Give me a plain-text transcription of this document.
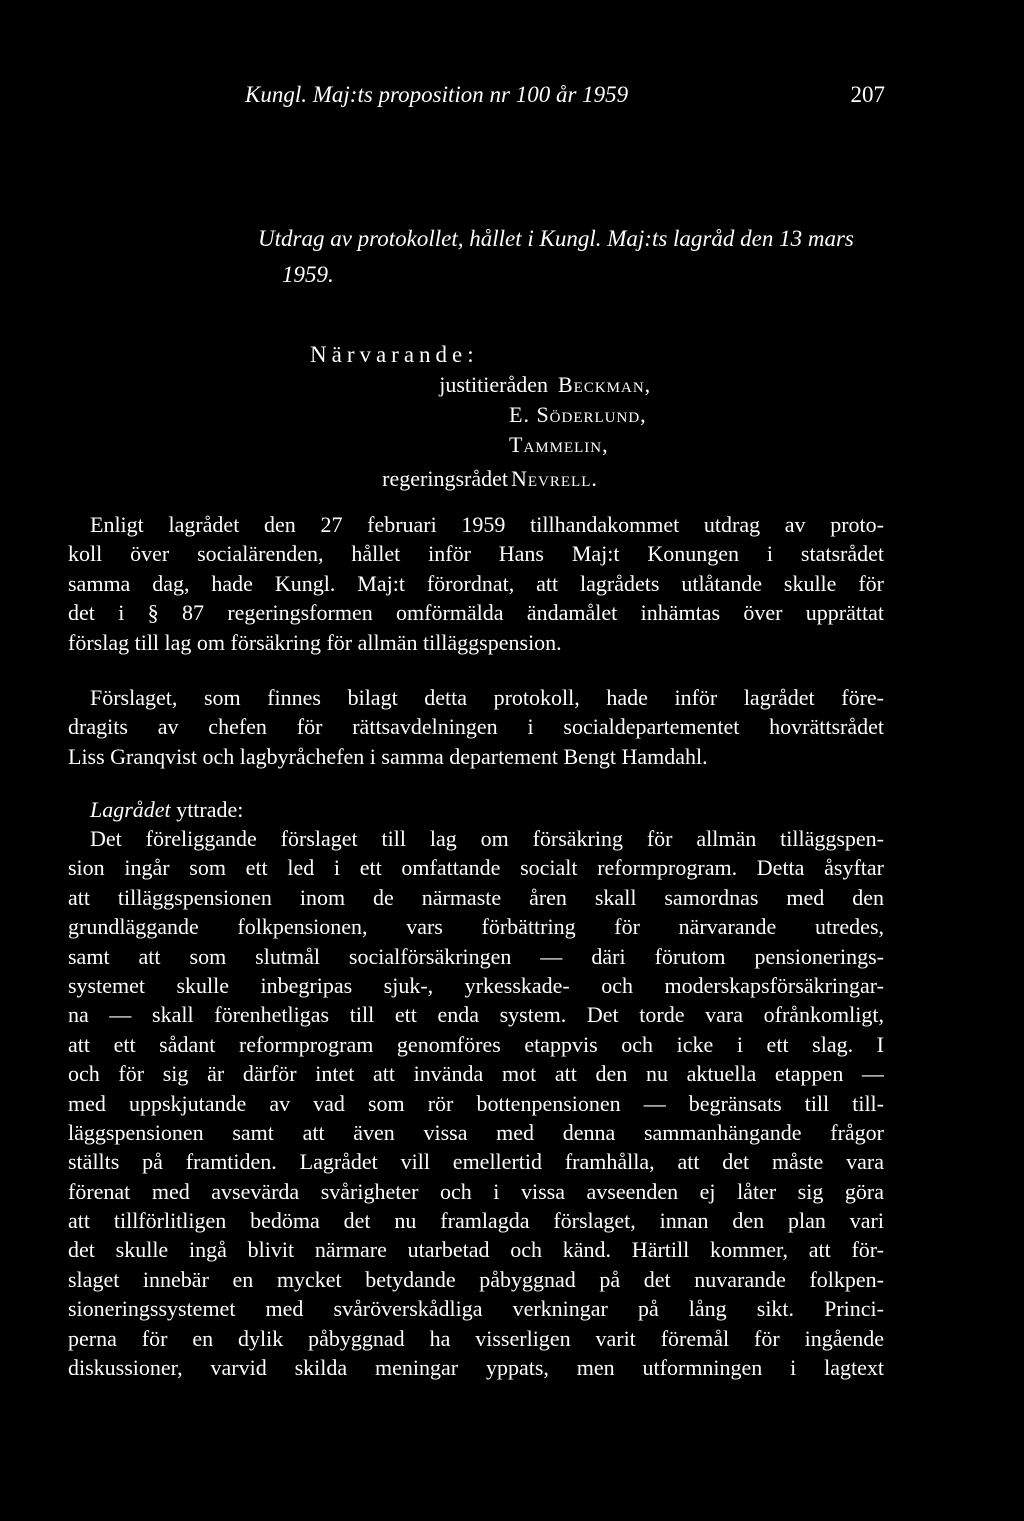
Kungl. Maj:ts proposition nr 100 år 1959	207
Utdrag av protokollet, hållet i Kungl. Maj:ts lagråd den 13 mars
1959.
Närvarande:
justitieråden Beckman,
E. Söderlund,
Tammelin,
regeringsrådet Nevrell.
Enligt lagrådet den 27 februari 1959 tillhandakommet utdrag av proto-
koll över socialärenden, hållet inför Hans Maj:t Konungen i statsrådet
samma dag, hade Kungl. Maj:t förordnat, att lagrådets utlåtande skulle för
det i § 87 regeringsformen omförmälda ändamålet inhämtas över upprättat
förslag till lag om försäkring för allmän tilläggspension.
Förslaget, som finnes bilagt detta protokoll, hade inför lagrådet före-
dragits av chefen för rättsavdelningen i socialdepartementet hovrättsrådet
Liss Granqvist och lagbyråchefen i samma departement Bengt Hamdahl.
Lagrådet yttrade:
Det föreliggande förslaget till lag om försäkring för allmän tilläggspen-
sion ingår som ett led i ett omfattande socialt reformprogram. Detta åsyftar
att tilläggspensionen inom de närmaste åren skall samordnas med den
grundläggande folkpensionen, vars förbättring för närvarande utredes,
samt att som slutmål socialförsäkringen — däri förutom pensionerings-
systemet skulle inbegripas sjuk-, yrkesskade- och moderskapsförsäkringar-
na — skall förenhetligas till ett enda system. Det torde vara ofrånkomligt,
att ett sådant reformprogram genomföres etappvis och icke i ett slag. I
och för sig är därför intet att invända mot att den nu aktuella etappen —
med uppskjutande av vad som rör bottenpensionen — begränsats till till-
läggspensionen samt att även vissa med denna sammanhängande frågor
ställts på framtiden. Lagrådet vill emellertid framhålla, att det måste vara
förenat med avsevärda svårigheter och i vissa avseenden ej låter sig göra
att tillförlitligen bedöma det nu framlagda förslaget, innan den plan vari
det skulle ingå blivit närmare utarbetad och känd. Härtill kommer, att för-
slaget innebär en mycket betydande påbyggnad på det nuvarande folkpen-
sioneringssystemet med svåröverskådliga verkningar på lång sikt. Princi-
perna för en dylik påbyggnad ha visserligen varit föremål för ingående
diskussioner, varvid skilda meningar yppats, men utformningen i lagtext
